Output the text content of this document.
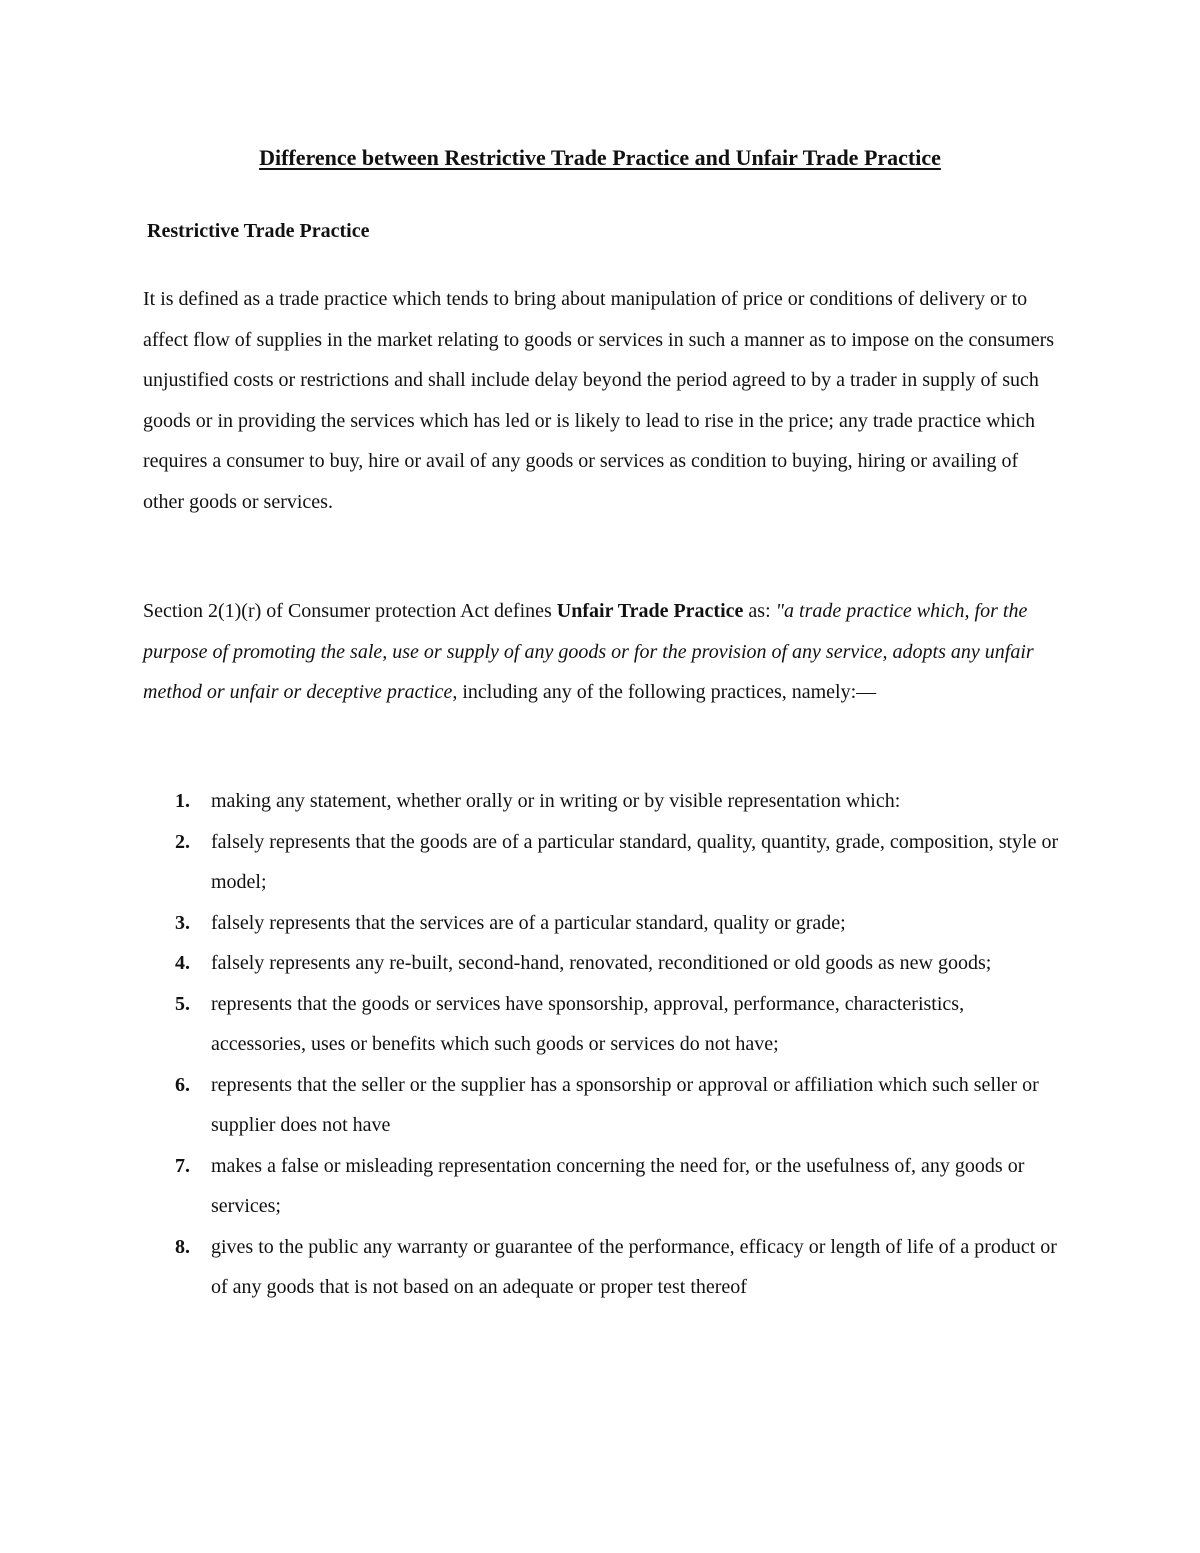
Difference between Restrictive Trade Practice and Unfair Trade Practice
Restrictive Trade Practice

It is defined as a trade practice which tends to bring about manipulation of price or conditions of delivery or to affect flow of supplies in the market relating to goods or services in such a manner as to impose on the consumers unjustified costs or restrictions and shall include delay beyond the period agreed to by a trader in supply of such goods or in providing the services which has led or is likely to lead to rise in the price; any trade practice which requires a consumer to buy, hire or avail of any goods or services as condition to buying, hiring or availing of other goods or services.

Section 2(1)(r) of Consumer protection Act defines Unfair Trade Practice as: "a trade practice which, for the purpose of promoting the sale, use or supply of any goods or for the provision of any service, adopts any unfair method or unfair or deceptive practice, including any of the following practices, namely:—

1. making any statement, whether orally or in writing or by visible representation which:
2. falsely represents that the goods are of a particular standard, quality, quantity, grade, composition, style or model;
3. falsely represents that the services are of a particular standard, quality or grade;
4. falsely represents any re-built, second-hand, renovated, reconditioned or old goods as new goods;
5. represents that the goods or services have sponsorship, approval, performance, characteristics, accessories, uses or benefits which such goods or services do not have;
6. represents that the seller or the supplier has a sponsorship or approval or affiliation which such seller or supplier does not have
7. makes a false or misleading representation concerning the need for, or the usefulness of, any goods or services;
8. gives to the public any warranty or guarantee of the performance, efficacy or length of life of a product or of any goods that is not based on an adequate or proper test thereof
